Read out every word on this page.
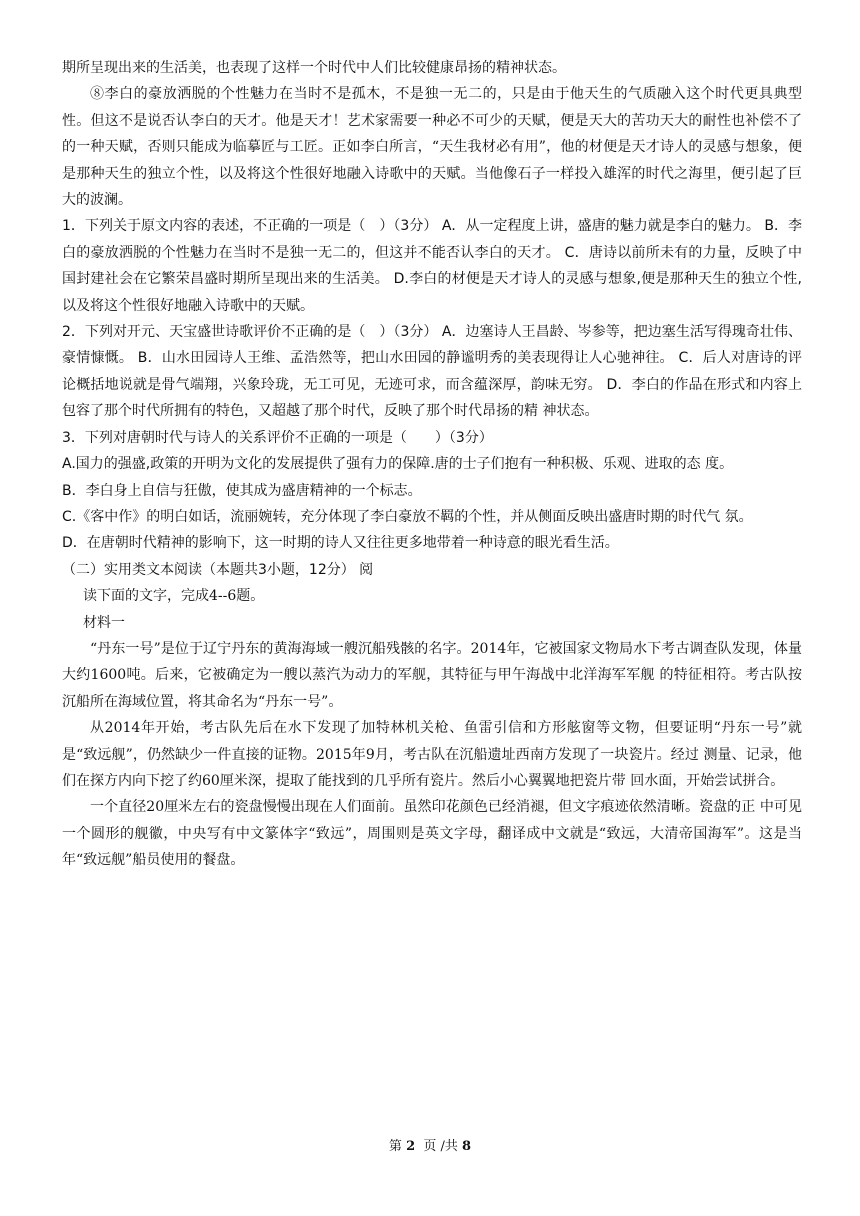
期所呈现出来的生活美，也表现了这样一个时代中人们比较健康昂扬的精神状态。

⑧李白的豪放洒脱的个性魅力在当时不是孤木，不是独一无二的，只是由于他天生的气质融入这个时代更具典型性。但这不是说否认李白的天才。他是天才！艺术家需要一种必不可少的天赋，便是天大的苦功天大的耐性也补偿不了的一种天赋，否则只能成为临摹匠与工匠。正如李白所言，“天生我材必有用”，他的材便是天才诗人的灵感与想象，便是那种天生的独立个性，以及将这个性很好地融入诗歌中的天赋。当他像石子一样投入雄浑的时代之海里，便引起了巨大的波澜。

1．下列关于原文内容的表述，不正确的一项是（　）（3分） A．从一定程度上讲，盛唐的魅力就是李白的魅力。 B．李白的豪放洒脱的个性魅力在当时不是独一无二的，但这并不能否认李白的天才。 C．唐诗以前所未有的力量，反映了中国封建社会在它繁荣昌盛时期所呈现出来的生活美。 D.李白的材便是天才诗人的灵感与想象,便是那种天生的独立个性,以及将这个性很好地融入诗歌中的天赋。

2．下列对开元、天宝盛世诗歌评价不正确的是（　）（3分） A．边塞诗人王昌龄、岑参等，把边塞生活写得瑰奇壮伟、豪情慷慨。 B．山水田园诗人王维、孟浩然等，把山水田园的静谧明秀的美表现得让人心驰神往。 C．后人对唐诗的评论概括地说就是骨气端翔，兴象玲珑，无工可见，无迹可求，而含蕴深厚，韵味无穷。 D．李白的作品在形式和内容上包容了那个时代所拥有的特色，又超越了那个时代，反映了那个时代昂扬的精 神状态。

3．下列对唐朝时代与诗人的关系评价不正确的一项是（　　）（3分）

A.国力的强盛,政策的开明为文化的发展提供了强有力的保障.唐的士子们抱有一种积极、乐观、进取的态 度。

B．李白身上自信与狂傲，使其成为盛唐精神的一个标志。

C.《客中作》的明白如话，流丽婉转，充分体现了李白豪放不羁的个性，并从侧面反映出盛唐时期的时代气 氛。

D．在唐朝时代精神的影响下，这一时期的诗人又往往更多地带着一种诗意的眼光看生活。

（二）实用类文本阅读（本题共3小题，12分） 阅

读下面的文字，完成4--6题。

材料一

“丹东一号”是位于辽宁丹东的黄海海域一艘沉船残骸的名字。2014年，它被国家文物局水下考古调查队发现，体量大约1600吨。后来，它被确定为一艘以蒸汽为动力的军舰，其特征与甲午海战中北洋海军军舰 的特征相符。考古队按沉船所在海域位置，将其命名为“丹东一号”。

从2014年开始，考古队先后在水下发现了加特林机关枪、鱼雷引信和方形舷窗等文物，但要证明“丹东一号”就是“致远舰”，仍然缺少一件直接的证物。2015年9月，考古队在沉船遗址西南方发现了一块瓷片。经过 测量、记录，他们在探方内向下挖了约60厘米深，提取了能找到的几乎所有瓷片。然后小心翼翼地把瓷片带 回水面，开始尝试拼合。

一个直径20厘米左右的瓷盘慢慢出现在人们面前。虽然印花颜色已经消褪，但文字痕迹依然清晰。瓷盘的正 中可见一个圆形的舰徽，中央写有中文篆体字“致远”，周围则是英文字母，翻译成中文就是“致远，大清帝国海军”。这是当年“致远舰”船员使用的餐盘。

第 2 页 /共 8
